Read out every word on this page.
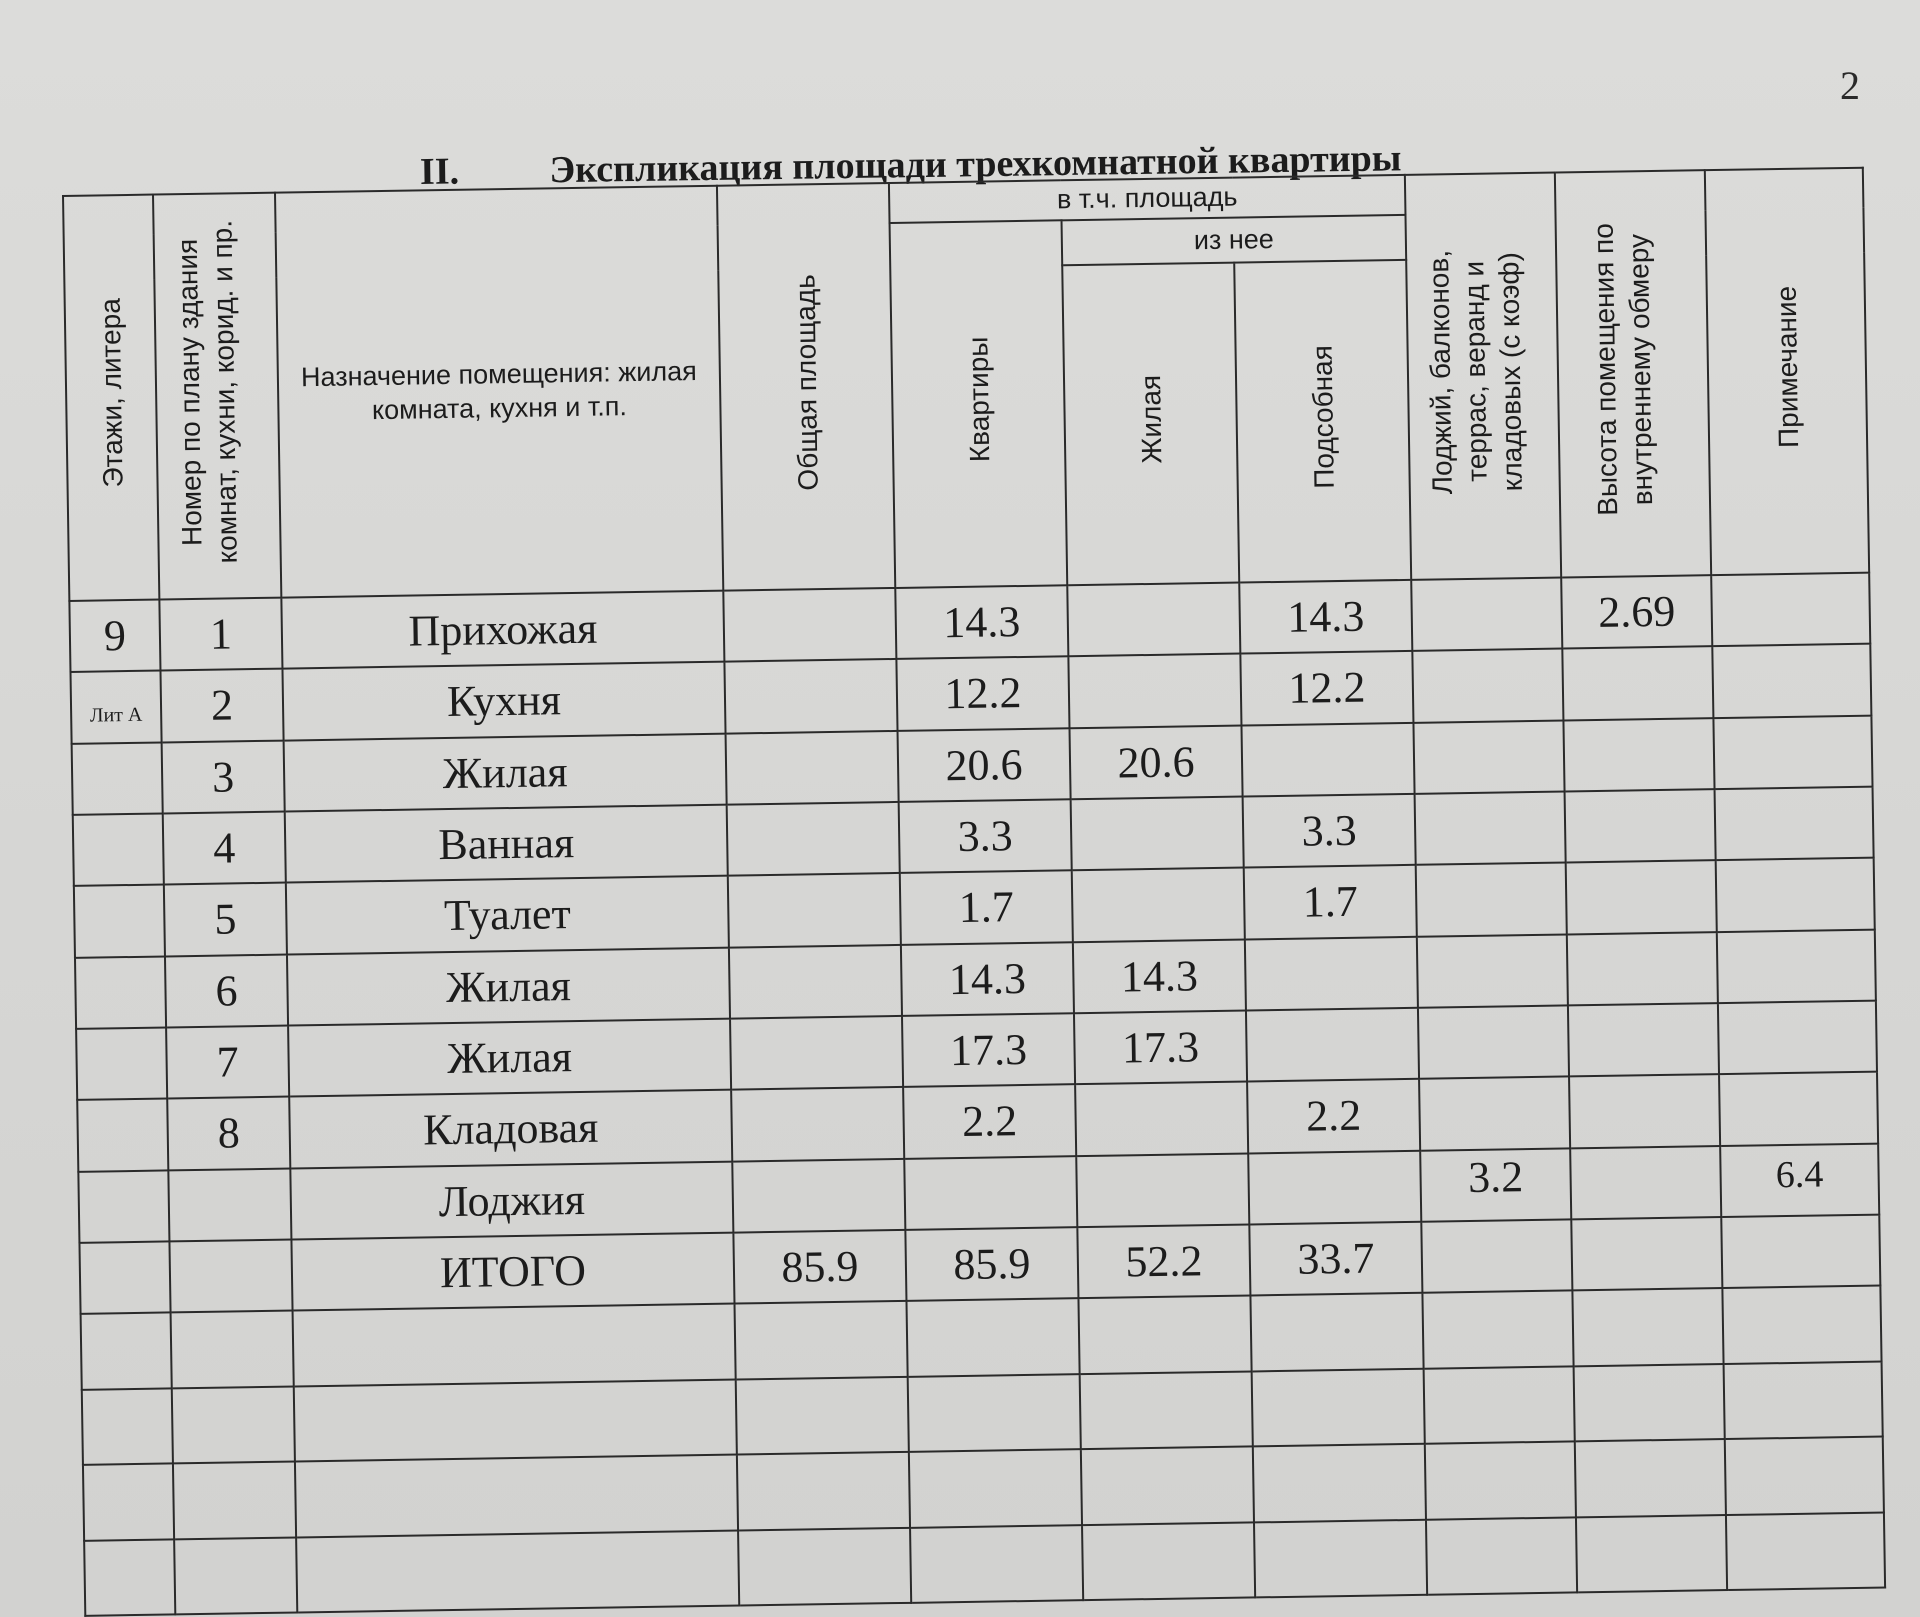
2
II. Экспликация площади трехкомнатной квартиры
Этажи, литера	Номер по плану здания комнат, кухни, корид. и пр.	Назначение помещения: жилая комната, кухня и т.п.	Общая площадь	в т.ч. площадь			Лоджий, балконов, террас, веранд и кладовых (с коэф)	Высота помещения по внутреннему обмеру	Примечание
				Квартиры	из нее				
					Жилая	Подсобная			
9	1	Прихожая		14.3		14.3		2.69	
Лит А	2	Кухня		12.2		12.2			
	3	Жилая		20.6	20.6				
	4	Ванная		3.3		3.3			
	5	Туалет		1.7		1.7			
	6	Жилая		14.3	14.3				
	7	Жилая		17.3	17.3				
	8	Кладовая		2.2		2.2			
		Лоджия					3.2		6.4
		ИТОГО	85.9	85.9	52.2	33.7			
